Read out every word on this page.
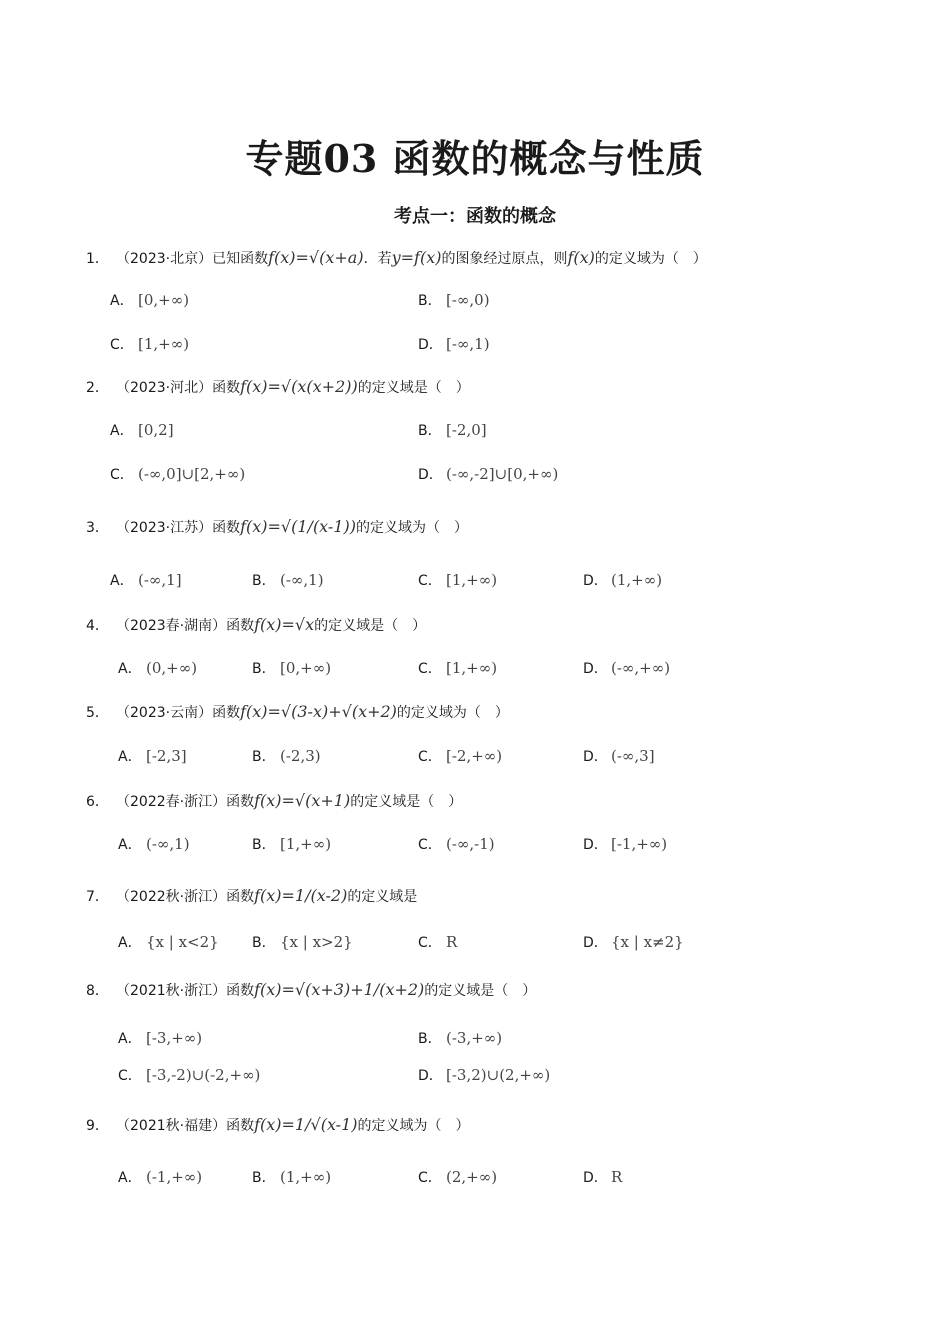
专题03 函数的概念与性质
考点一：函数的概念
1． （2023·北京）已知函数f(x)=√(x+a)．若y=f(x)的图象经过原点，则f(x)的定义域为（　）
A． [0,+∞)	B． [-∞,0)
C． [1,+∞)	D． [-∞,1)
2． （2023·河北）函数f(x)=√(x(x+2))的定义域是（　）
A． [0,2]	B． [-2,0]
C． (-∞,0]∪[2,+∞)	D． (-∞,-2]∪[0,+∞)
3． （2023·江苏）函数f(x)=√(1/(x-1))的定义域为（　）
A． (-∞,1]	B． (-∞,1)	C． [1,+∞)	D． (1,+∞)
4． （2023春·湖南）函数f(x)=√x的定义域是（　）
A． (0,+∞)	B． [0,+∞)	C． [1,+∞)	D． (-∞,+∞)
5． （2023·云南）函数f(x)=√(3-x)+√(x+2)的定义域为（　）
A． [-2,3]	B． (-2,3)	C． [-2,+∞)	D． (-∞,3]
6． （2022春·浙江）函数f(x)=√(x+1)的定义域是（　）
A． (-∞,1)	B． [1,+∞)	C． (-∞,-1)	D． [-1,+∞)
7． （2022秋·浙江）函数f(x)=1/(x-2)的定义域是
A． {x | x<2} B． {x | x>2}	C． R	D． {x | x≠2}
8． （2021秋·浙江）函数f(x)=√(x+3)+1/(x+2)的定义域是（　）
A． [-3,+∞)	B． (-3,+∞)
C． [-3,-2)∪(-2,+∞)	D． [-3,2)∪(2,+∞)
9． （2021秋·福建）函数f(x)=1/√(x-1)的定义域为（　）
A． (-1,+∞)	B． (1,+∞)	C． (2,+∞)	D． R
